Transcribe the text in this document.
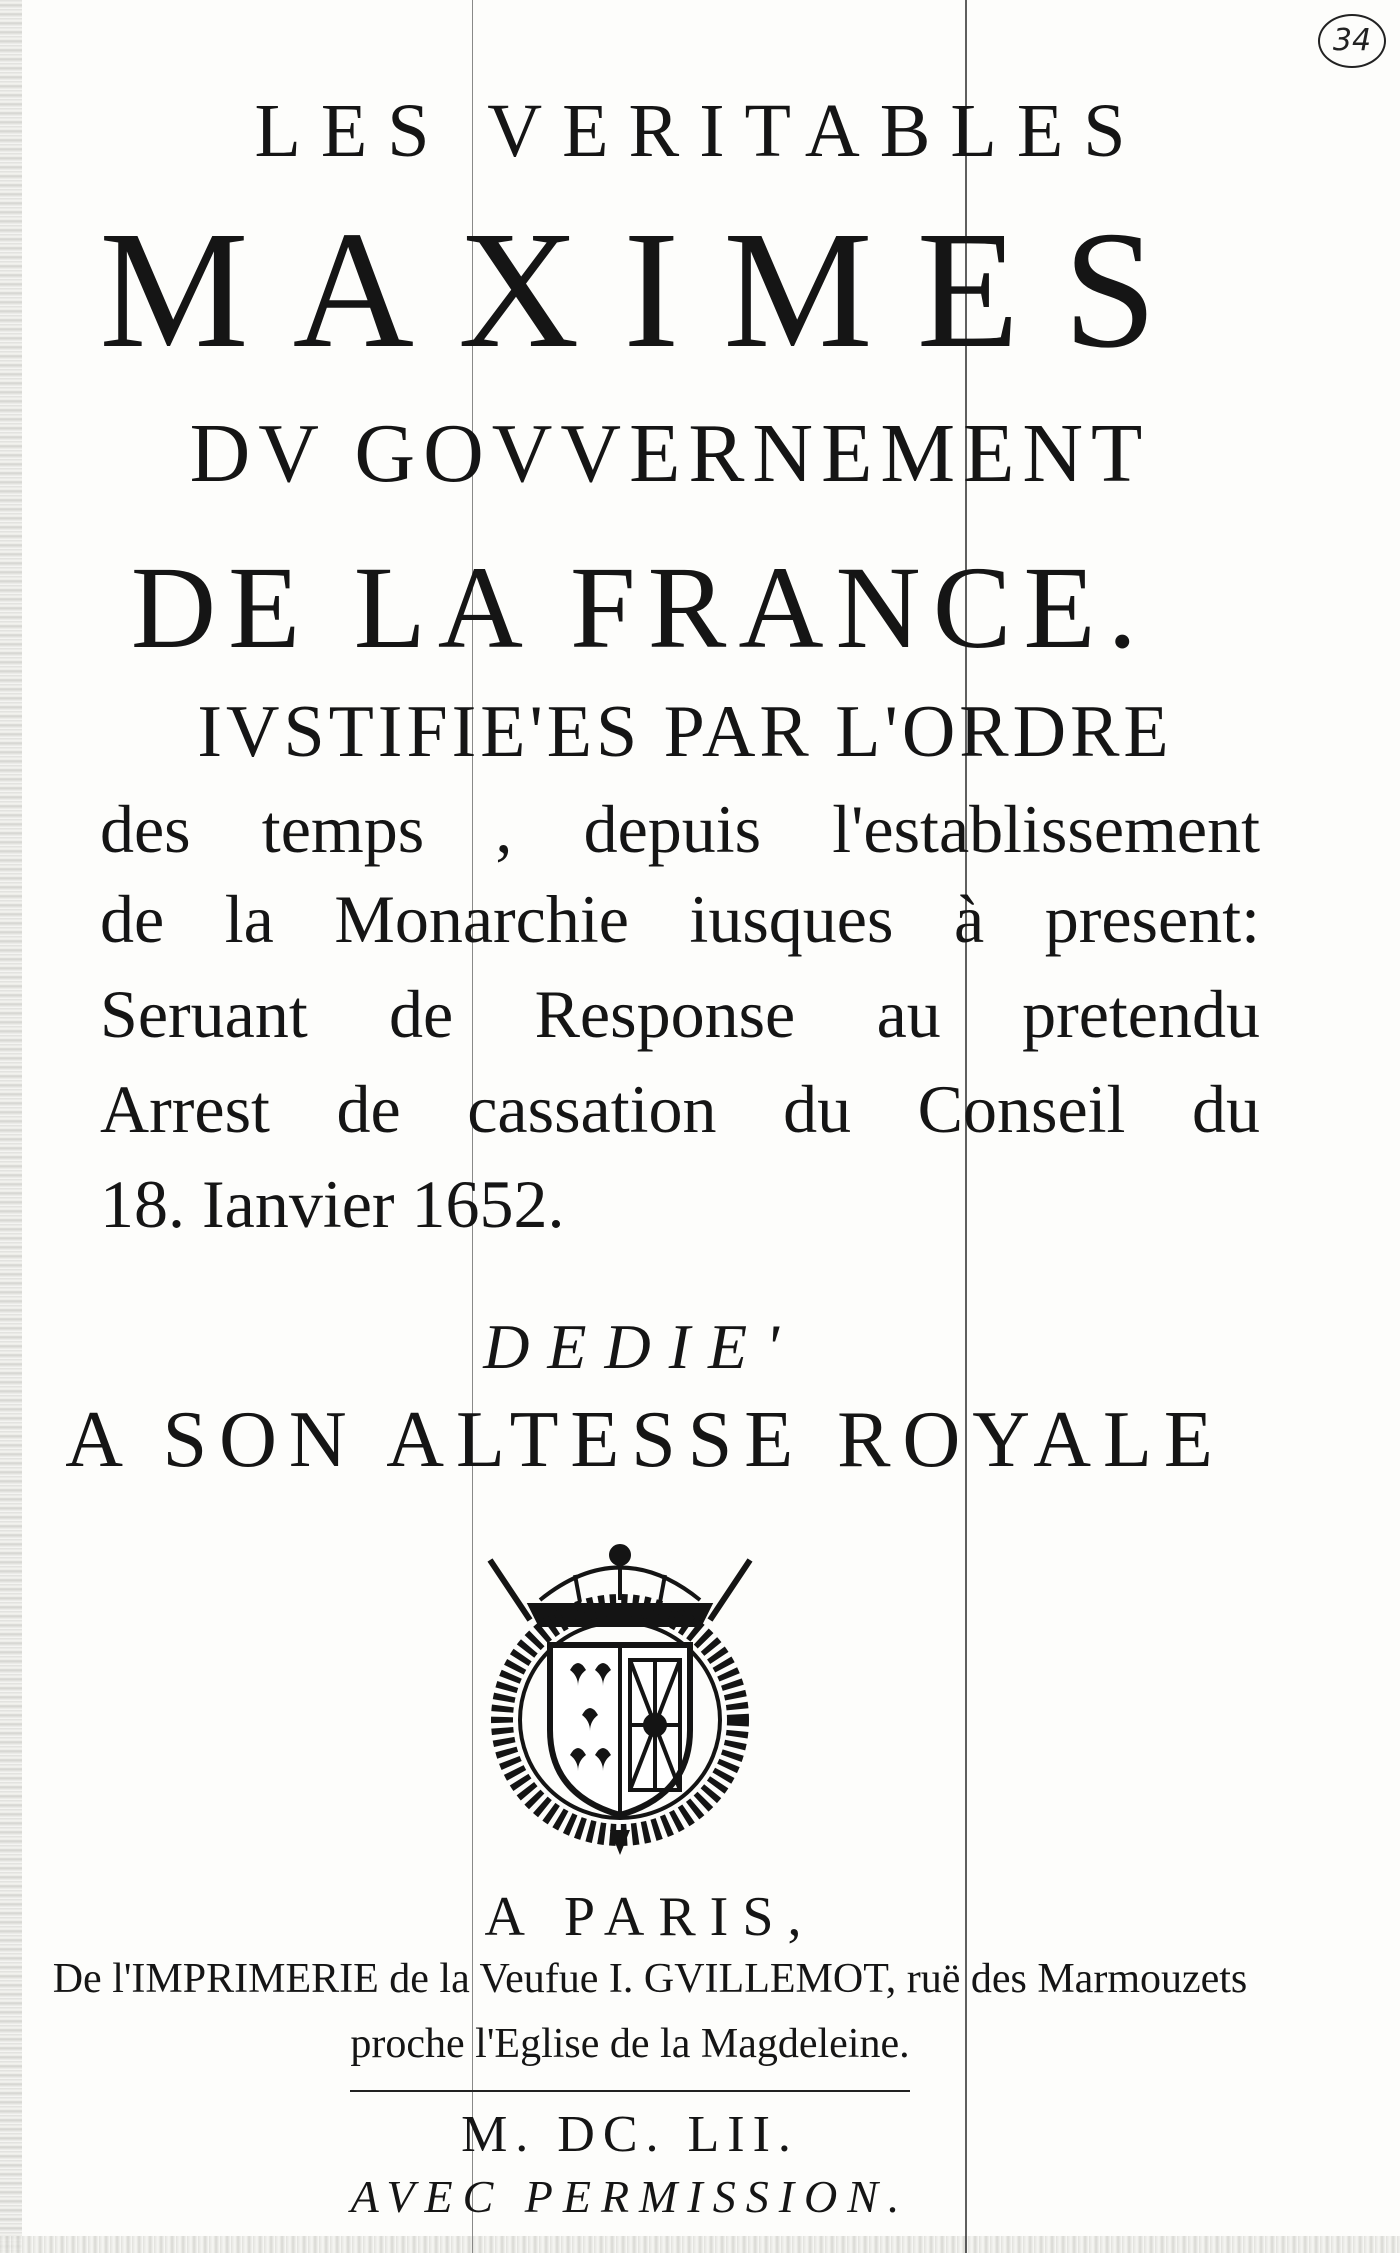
34
LES VERITABLES
MAXIMES
DV GOVVERNEMENT
DE LA FRANCE.
IVSTIFIE'ES PAR L'ORDRE
des temps , depuis l'establissement
de la Monarchie iusques à present:
Seruant de Response au pretendu
Arrest de cassation du Conseil du
18. Ianvier 1652.
DEDIE'
A SON ALTESSE ROYALE
A PARIS,
De l'IMPRIMERIE de la Veufue I. GVILLEMOT, ruë des Marmouzets
proche l'Eglise de la Magdeleine.
M. DC. LII.
AVEC PERMISSION.
